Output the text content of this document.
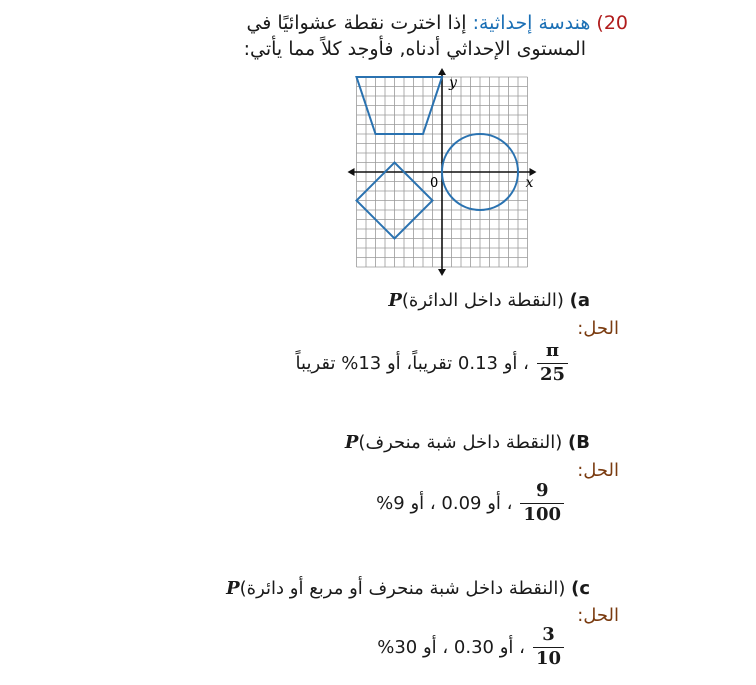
20) هندسة إحداثية: إذا اخترت نقطة عشوائيًا في
المستوى الإحداثي أدناه, فأوجد كلاً مما يأتي:
x
y
0
a) (النقطة داخل الدائرة)P
الحل:
$\frac{\pi}{25}$
، أو 0.13 تقريباً، أو 13% تقريباً
B) (النقطة داخل شبة منحرف)P
الحل:
$\frac{9}{100}$
، أو 0.09 ، أو 9%
c) (النقطة داخل شبة منحرف أو مربع أو دائرة)P
الحل:
$\frac{3}{10}$
، أو 0.30 ، أو 30%
